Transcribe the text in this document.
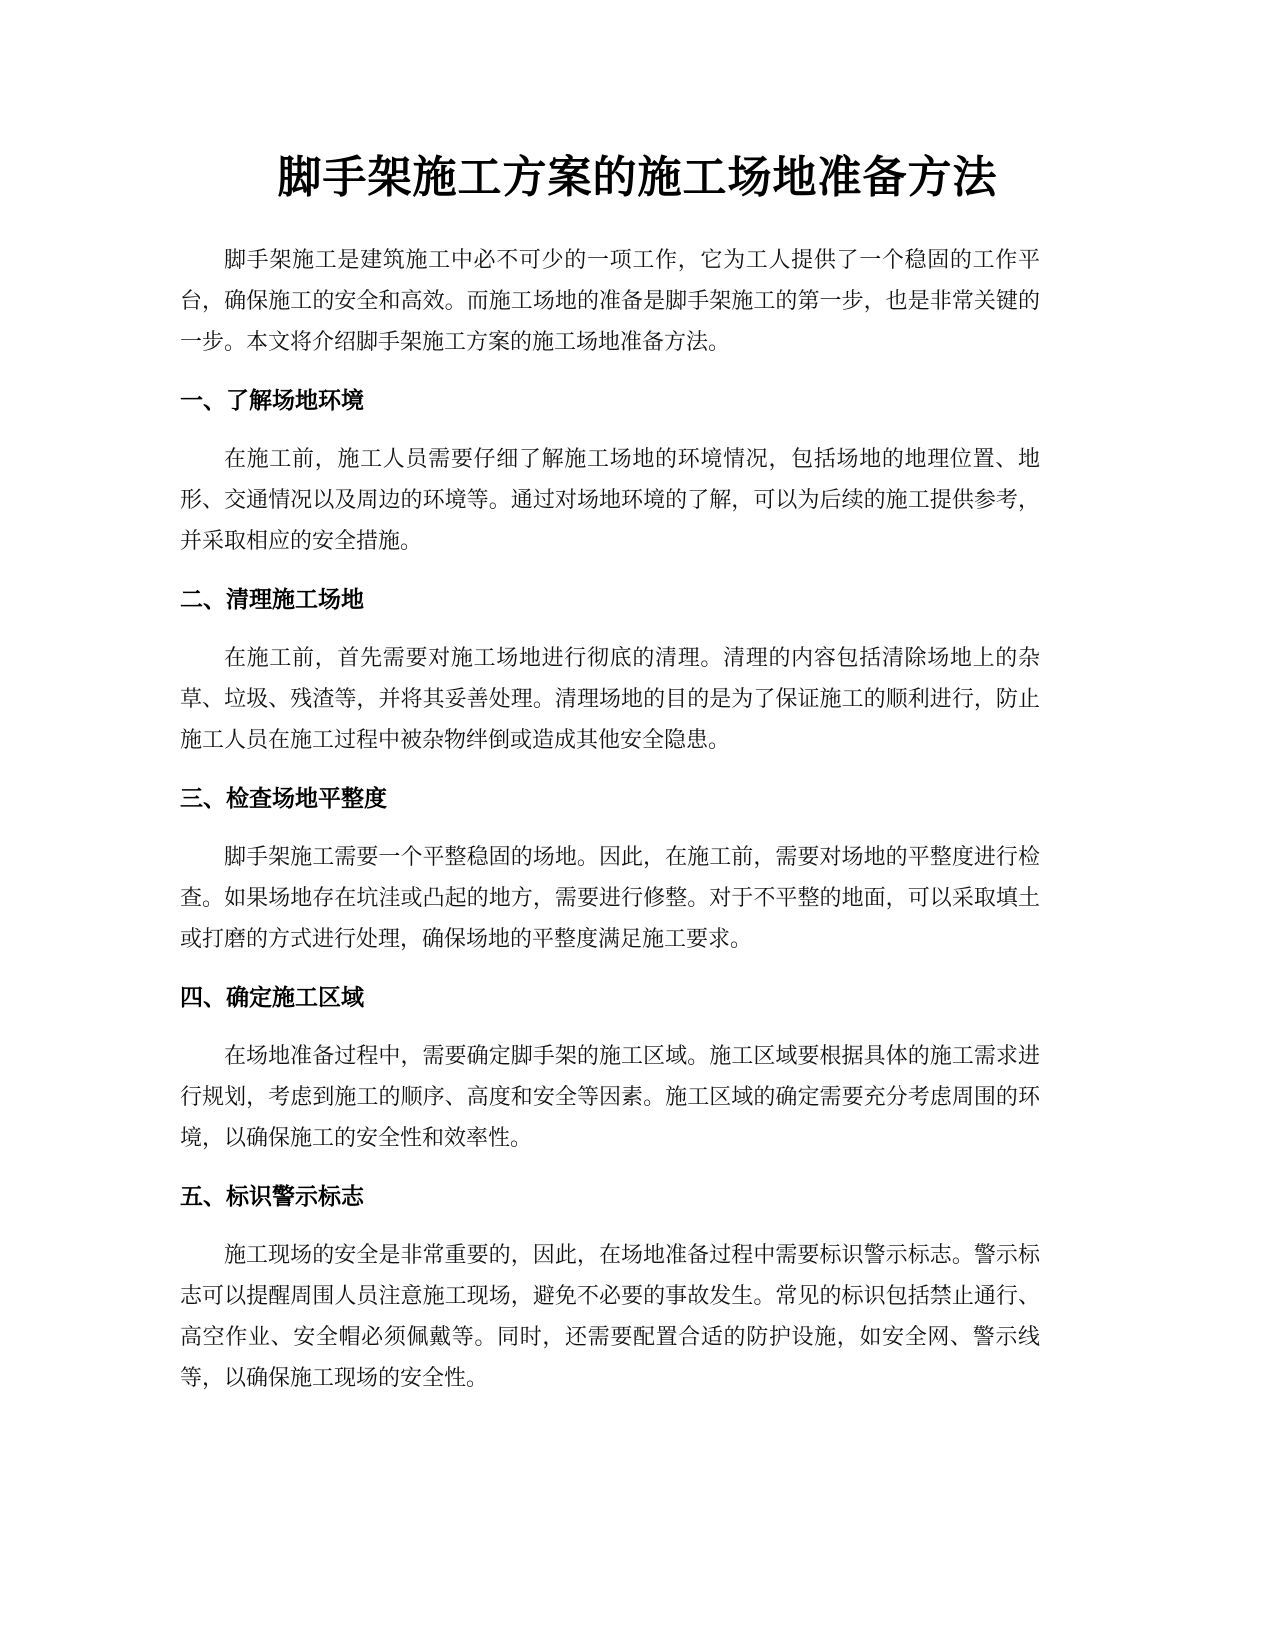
脚手架施工方案的施工场地准备方法

脚手架施工是建筑施工中必不可少的一项工作，它为工人提供了一个稳固的工作平台，确保施工的安全和高效。而施工场地的准备是脚手架施工的第一步，也是非常关键的一步。本文将介绍脚手架施工方案的施工场地准备方法。

一、了解场地环境

在施工前，施工人员需要仔细了解施工场地的环境情况，包括场地的地理位置、地形、交通情况以及周边的环境等。通过对场地环境的了解，可以为后续的施工提供参考，并采取相应的安全措施。

二、清理施工场地

在施工前，首先需要对施工场地进行彻底的清理。清理的内容包括清除场地上的杂草、垃圾、残渣等，并将其妥善处理。清理场地的目的是为了保证施工的顺利进行，防止施工人员在施工过程中被杂物绊倒或造成其他安全隐患。

三、检查场地平整度

脚手架施工需要一个平整稳固的场地。因此，在施工前，需要对场地的平整度进行检查。如果场地存在坑洼或凸起的地方，需要进行修整。对于不平整的地面，可以采取填土或打磨的方式进行处理，确保场地的平整度满足施工要求。

四、确定施工区域

在场地准备过程中，需要确定脚手架的施工区域。施工区域要根据具体的施工需求进行规划，考虑到施工的顺序、高度和安全等因素。施工区域的确定需要充分考虑周围的环境，以确保施工的安全性和效率性。

五、标识警示标志

施工现场的安全是非常重要的，因此，在场地准备过程中需要标识警示标志。警示标志可以提醒周围人员注意施工现场，避免不必要的事故发生。常见的标识包括禁止通行、高空作业、安全帽必须佩戴等。同时，还需要配置合适的防护设施，如安全网、警示线等，以确保施工现场的安全性。
